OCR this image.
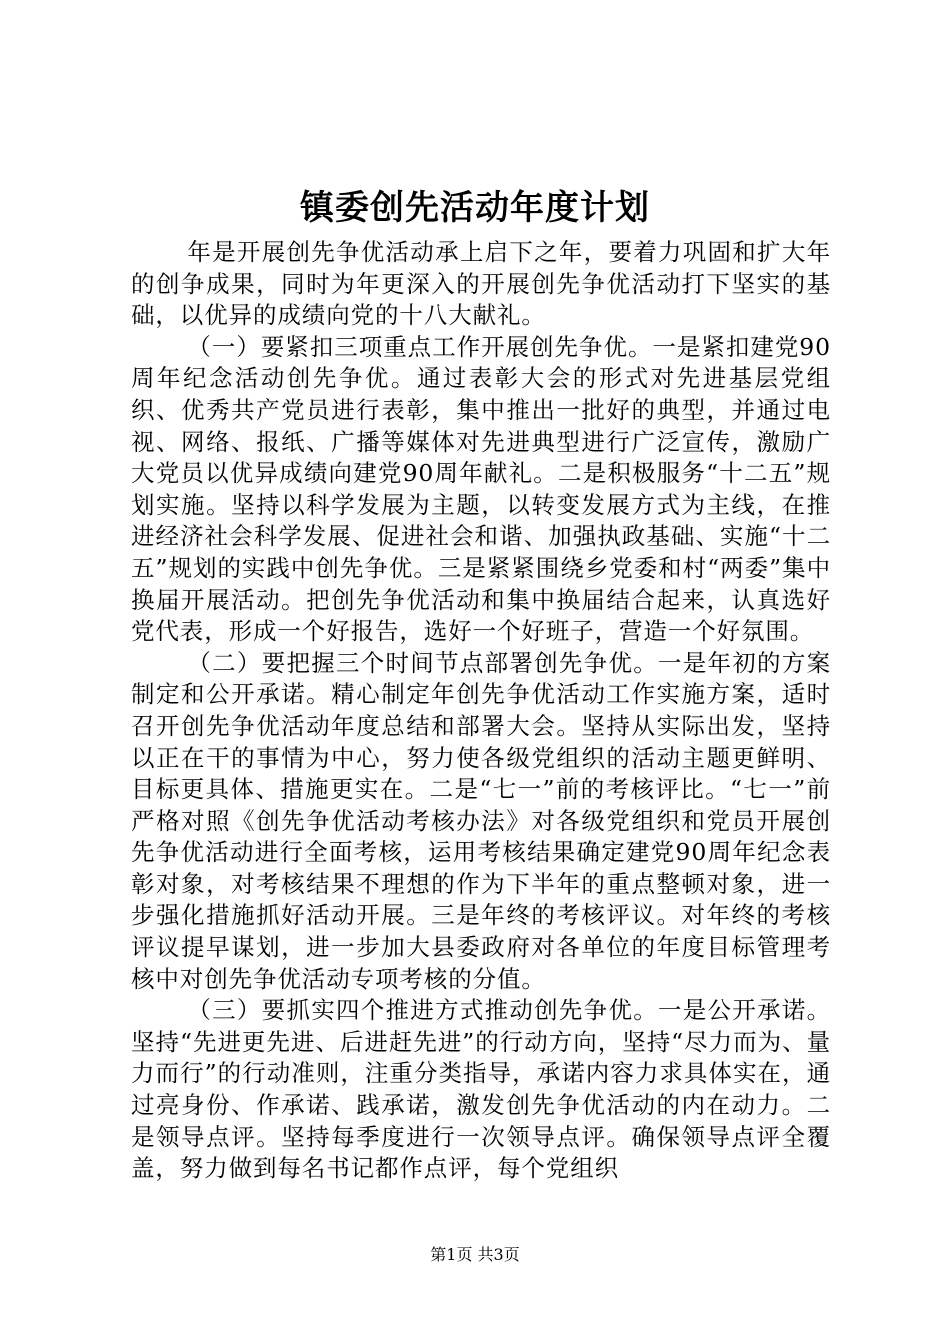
镇委创先活动年度计划

年是开展创先争优活动承上启下之年，要着力巩固和扩大年的创争成果，同时为年更深入的开展创先争优活动打下坚实的基础，以优异的成绩向党的十八大献礼。

（一）要紧扣三项重点工作开展创先争优。一是紧扣建党90周年纪念活动创先争优。通过表彰大会的形式对先进基层党组织、优秀共产党员进行表彰，集中推出一批好的典型，并通过电视、网络、报纸、广播等媒体对先进典型进行广泛宣传，激励广大党员以优异成绩向建党90周年献礼。二是积极服务“十二五”规划实施。坚持以科学发展为主题，以转变发展方式为主线，在推进经济社会科学发展、促进社会和谐、加强执政基础、实施“十二五”规划的实践中创先争优。三是紧紧围绕乡党委和村“两委”集中换届开展活动。把创先争优活动和集中换届结合起来，认真选好党代表，形成一个好报告，选好一个好班子，营造一个好氛围。

（二）要把握三个时间节点部署创先争优。一是年初的方案制定和公开承诺。精心制定年创先争优活动工作实施方案，适时召开创先争优活动年度总结和部署大会。坚持从实际出发，坚持以正在干的事情为中心，努力使各级党组织的活动主题更鲜明、目标更具体、措施更实在。二是“七一”前的考核评比。“七一”前严格对照《创先争优活动考核办法》对各级党组织和党员开展创先争优活动进行全面考核，运用考核结果确定建党90周年纪念表彰对象，对考核结果不理想的作为下半年的重点整顿对象，进一步强化措施抓好活动开展。三是年终的考核评议。对年终的考核评议提早谋划，进一步加大县委政府对各单位的年度目标管理考核中对创先争优活动专项考核的分值。

（三）要抓实四个推进方式推动创先争优。一是公开承诺。坚持“先进更先进、后进赶先进”的行动方向，坚持“尽力而为、量力而行”的行动准则，注重分类指导，承诺内容力求具体实在，通过亮身份、作承诺、践承诺，激发创先争优活动的内在动力。二是领导点评。坚持每季度进行一次领导点评。确保领导点评全覆盖，努力做到每名书记都作点评，每个党组织

第1页 共3页
